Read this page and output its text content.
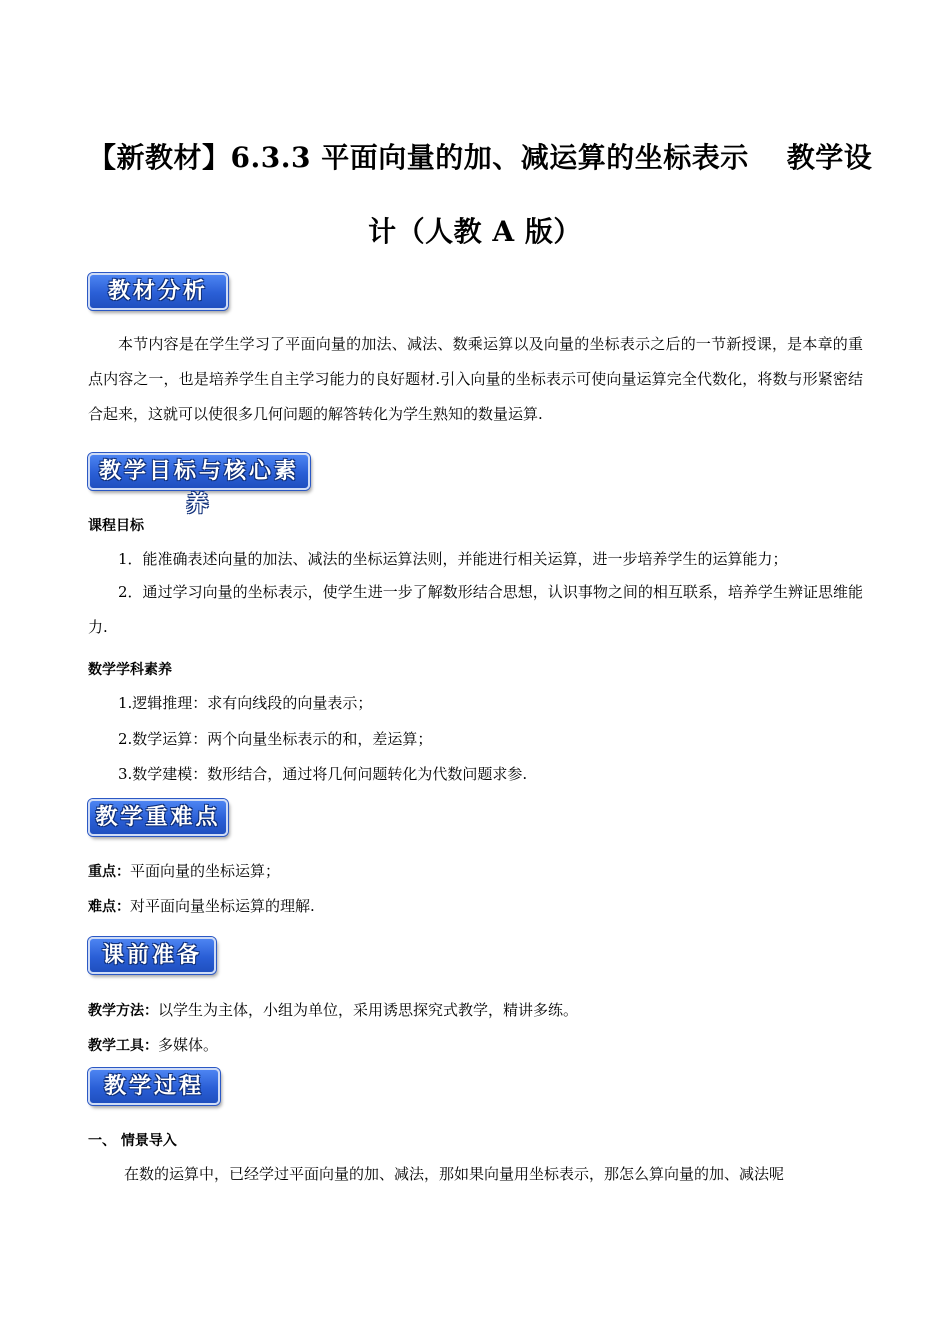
【新教材】6.3.3 平面向量的加、减运算的坐标表示 教学设
计（人教 A 版）
教材分析
本节内容是在学生学习了平面向量的加法、减法、数乘运算以及向量的坐标表示之后的一节新授课，是本章的重点内容之一，也是培养学生自主学习能力的良好题材.引入向量的坐标表示可使向量运算完全代数化，将数与形紧密结合起来，这就可以使很多几何问题的解答转化为学生熟知的数量运算.
教学目标与核心素养
课程目标
1．能准确表述向量的加法、减法的坐标运算法则，并能进行相关运算，进一步培养学生的运算能力；
2．通过学习向量的坐标表示，使学生进一步了解数形结合思想，认识事物之间的相互联系，培养学生辨证思维能力.
数学学科素养
1.逻辑推理：求有向线段的向量表示；
2.数学运算：两个向量坐标表示的和，差运算；
3.数学建模：数形结合，通过将几何问题转化为代数问题求参.
教学重难点
重点：平面向量的坐标运算；
难点：对平面向量坐标运算的理解.
课前准备
教学方法：以学生为主体，小组为单位，采用诱思探究式教学，精讲多练。
教学工具：多媒体。
教学过程
一、 情景导入
在数的运算中，已经学过平面向量的加、减法，那如果向量用坐标表示，那怎么算向量的加、减法呢
